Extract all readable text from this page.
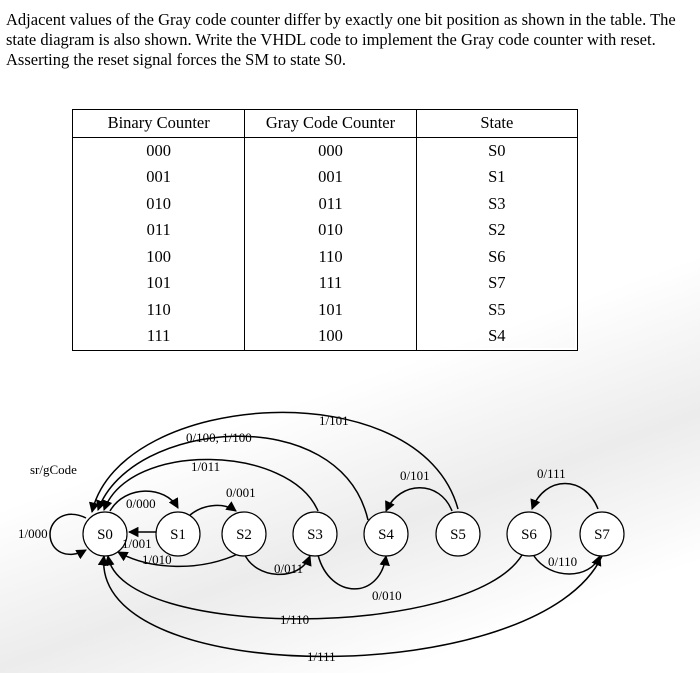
Adjacent values of the Gray code counter differ by exactly one bit position as shown in the table. The state diagram is also shown. Write the VHDL code to implement the Gray code counter with reset. Asserting the reset signal forces the SM to state S0.

Binary Counter	Gray Code Counter	State
000	000	S0
001	001	S1
010	011	S3
011	010	S2
100	110	S6
101	111	S7
110	101	S5
111	100	S4
S0	S1	S2	S3	S4	S5	S6	S7
sr/gCode
1/000
0/000
1/001
1/010
0/001
1/011
0/011
0/100, 1/100
0/010
1/101
0/101
1/110
0/111
0/110
1/111
